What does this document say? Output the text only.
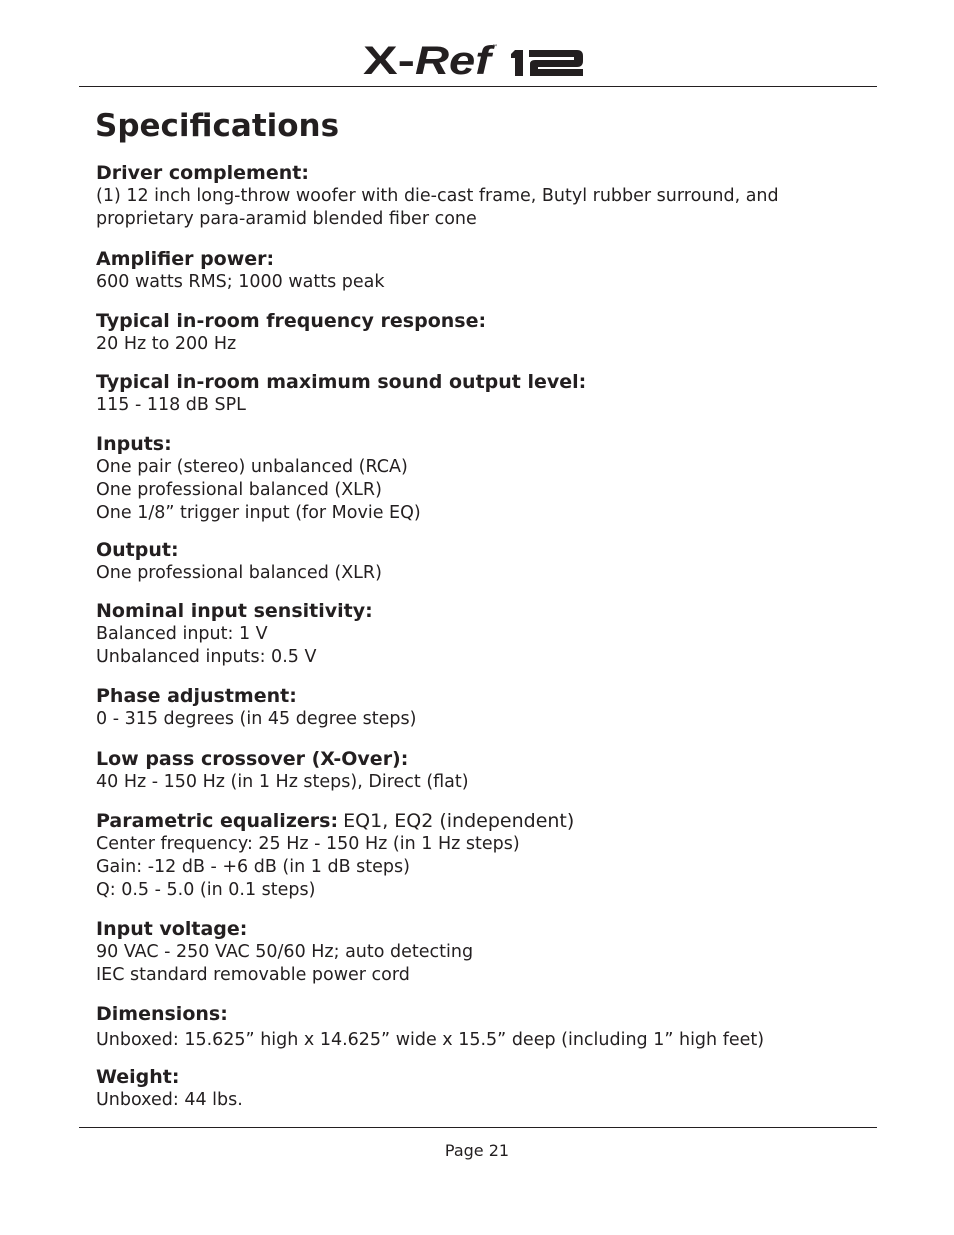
X- Ref
™
Specifications
Driver complement:
(1) 12 inch long-throw woofer with die-cast frame, Butyl rubber surround, and
proprietary para-aramid blended fiber cone
Amplifier power:
600 watts RMS; 1000 watts peak
Typical in-room frequency response:
20 Hz to 200 Hz
Typical in-room maximum sound output level:
115 - 118 dB SPL
Inputs:
One pair (stereo) unbalanced (RCA)
One professional balanced (XLR)
One 1/8” trigger input (for Movie EQ)
Output:
One professional balanced (XLR)
Nominal input sensitivity:
Balanced input: 1 V
Unbalanced inputs: 0.5 V
Phase adjustment:
0 - 315 degrees (in 45 degree steps)
Low pass crossover (X-Over):
40 Hz - 150 Hz (in 1 Hz steps), Direct (flat)
Parametric equalizers: EQ1, EQ2 (independent)
Center frequency: 25 Hz - 150 Hz (in 1 Hz steps)
Gain: -12 dB - +6 dB (in 1 dB steps)
Q: 0.5 - 5.0 (in 0.1 steps)
Input voltage:
90 VAC - 250 VAC 50/60 Hz; auto detecting
IEC standard removable power cord
Dimensions:
Unboxed: 15.625” high x 14.625” wide x 15.5” deep (including 1” high feet)
Weight:
Unboxed: 44 lbs.
Page 21
